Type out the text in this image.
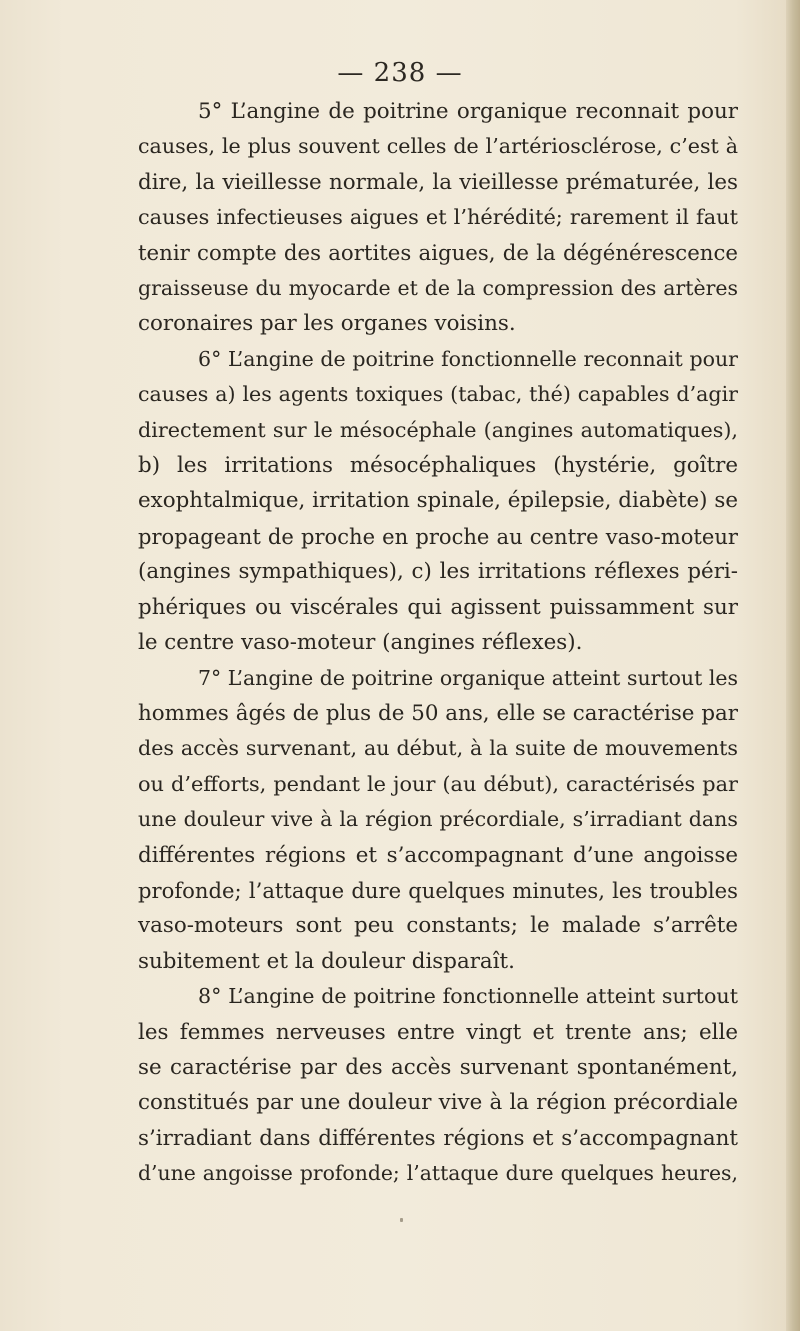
— 238 —

5° L’angine de poitrine organique reconnait pour
causes, le plus souvent celles de l’artériosclérose, c’est à
dire, la vieillesse normale, la vieillesse prématurée, les
causes infectieuses aigues et l’hérédité; rarement il faut
tenir compte des aortites aigues, de la dégénérescence
graisseuse du myocarde et de la compression des artères
coronaires par les organes voisins.

6° L’angine de poitrine fonctionnelle reconnait pour
causes a) les agents toxiques (tabac, thé) capables d’agir
directement sur le mésocéphale (angines automatiques),
b) les irritations mésocéphaliques (hystérie, goître
exophtalmique, irritation spinale, épilepsie, diabète) se
propageant de proche en proche au centre vaso-moteur
(angines sympathiques), c) les irritations réflexes péri-
phériques ou viscérales qui agissent puissamment sur
le centre vaso-moteur (angines réflexes).

7° L’angine de poitrine organique atteint surtout les
hommes âgés de plus de 50 ans, elle se caractérise par
des accès survenant, au début, à la suite de mouvements
ou d’efforts, pendant le jour (au début), caractérisés par
une douleur vive à la région précordiale, s’irradiant dans
différentes régions et s’accompagnant d’une angoisse
profonde; l’attaque dure quelques minutes, les troubles
vaso-moteurs sont peu constants; le malade s’arrête
subitement et la douleur disparaît.

8° L’angine de poitrine fonctionnelle atteint surtout
les femmes nerveuses entre vingt et trente ans; elle
se caractérise par des accès survenant spontanément,
constitués par une douleur vive à la région précordiale
s’irradiant dans différentes régions et s’accompagnant
d’une angoisse profonde; l’attaque dure quelques heures,
